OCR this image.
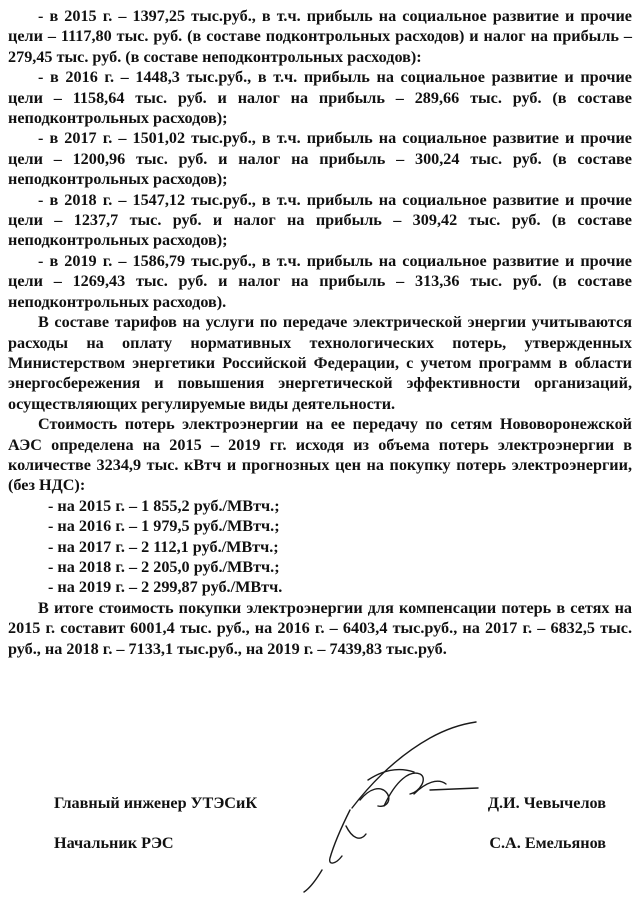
- в 2015 г. – 1397,25 тыс.руб., в т.ч. прибыль на социальное развитие и прочие цели – 1117,80 тыс. руб. (в составе подконтрольных расходов) и налог на прибыль – 279,45 тыс. руб. (в составе неподконтрольных расходов):

- в 2016 г. – 1448,3 тыс.руб., в т.ч. прибыль на социальное развитие и прочие цели – 1158,64 тыс. руб. и налог на прибыль – 289,66 тыс. руб. (в составе неподконтрольных расходов);

- в 2017 г. – 1501,02 тыс.руб., в т.ч. прибыль на социальное развитие и прочие цели – 1200,96 тыс. руб. и налог на прибыль – 300,24 тыс. руб. (в составе неподконтрольных расходов);

- в 2018 г. – 1547,12 тыс.руб., в т.ч. прибыль на социальное развитие и прочие цели – 1237,7 тыс. руб. и налог на прибыль – 309,42 тыс. руб. (в составе неподконтрольных расходов);

- в 2019 г. – 1586,79 тыс.руб., в т.ч. прибыль на социальное развитие и прочие цели – 1269,43 тыс. руб. и налог на прибыль – 313,36 тыс. руб. (в составе неподконтрольных расходов).

В составе тарифов на услуги по передаче электрической энергии учитываются расходы на оплату нормативных технологических потерь, утвержденных Министерством энергетики Российской Федерации, с учетом программ в области энергосбережения и повышения энергетической эффективности организаций, осуществляющих регулируемые виды деятельности.

Стоимость потерь электроэнергии на ее передачу по сетям Нововоронежской АЭС определена на 2015 – 2019 гг. исходя из объема потерь электроэнергии в количестве 3234,9 тыс. кВтч и прогнозных цен на покупку потерь электроэнергии, (без НДС):

- на 2015 г. – 1 855,2 руб./МВтч.;

- на 2016 г. – 1 979,5 руб./МВтч.;

- на 2017 г. – 2 112,1 руб./МВтч.;

- на 2018 г. – 2 205,0 руб./МВтч.;

- на 2019 г. – 2 299,87 руб./МВтч.

В итоге стоимость покупки электроэнергии для компенсации потерь в сетях на 2015 г. составит 6001,4 тыс. руб., на 2016 г. – 6403,4 тыс.руб., на 2017 г. – 6832,5 тыс. руб., на 2018 г. – 7133,1 тыс.руб., на 2019 г. – 7439,83 тыс.руб.

Главный инженер УТЭСиК	Д.И. Чевычелов
Начальник РЭС	С.А. Емельянов
